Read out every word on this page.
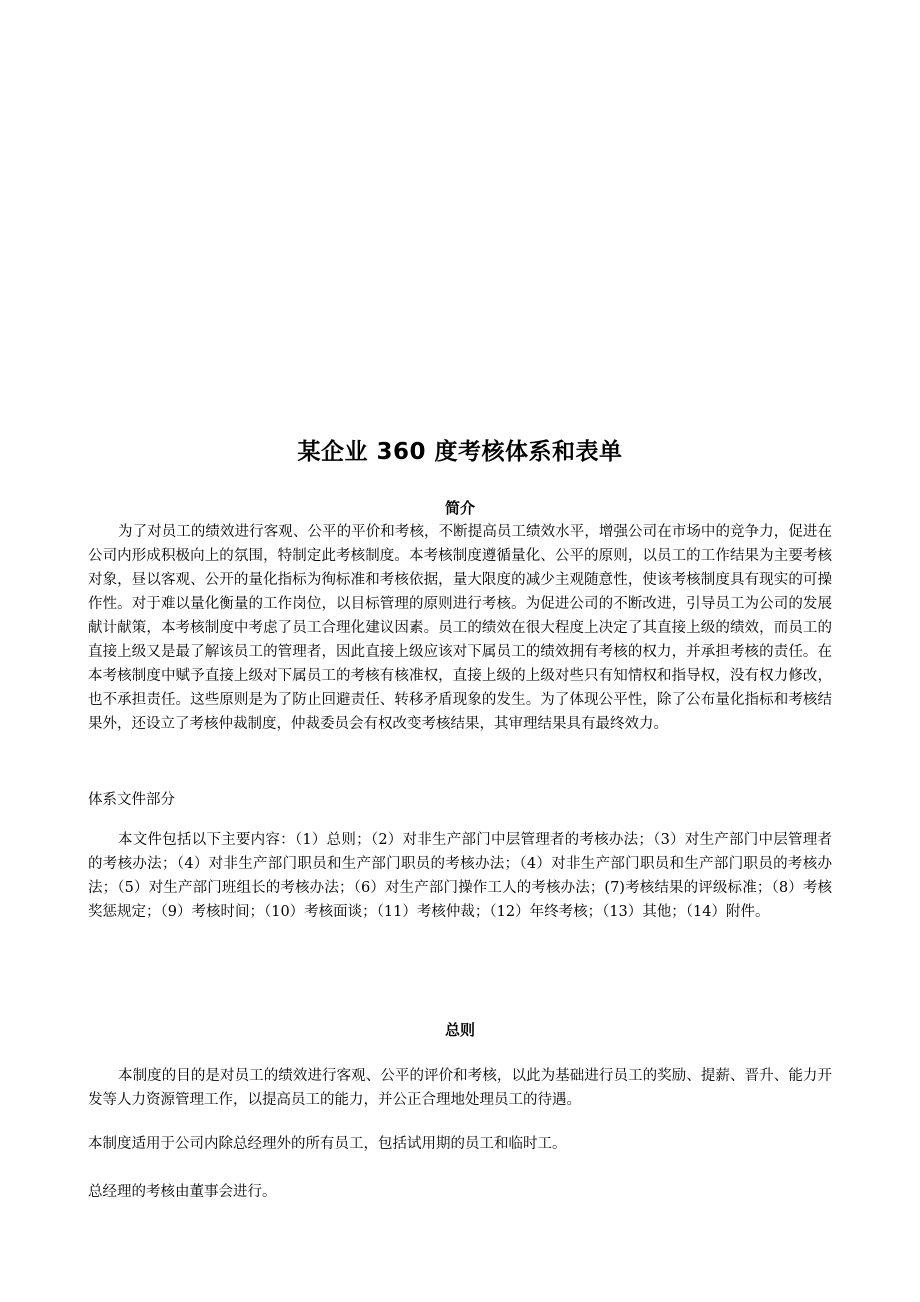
某企业 360 度考核体系和表单
简介

为了对员工的绩效进行客观、公平的平价和考核，不断提高员工绩效水平，增强公司在市场中的竞争力，促进在公司内形成积极向上的氛围，特制定此考核制度。本考核制度遵循量化、公平的原则，以员工的工作结果为主要考核对象，昼以客观、公开的量化指标为徇标准和考核依据，量大限度的减少主观随意性，使该考核制度具有现实的可操作性。对于难以量化衡量的工作岗位，以目标管理的原则进行考核。为促进公司的不断改进，引导员工为公司的发展献计献策，本考核制度中考虑了员工合理化建议因素。员工的绩效在很大程度上决定了其直接上级的绩效，而员工的直接上级又是最了解该员工的管理者，因此直接上级应该对下属员工的绩效拥有考核的权力，并承担考核的责任。在本考核制度中赋予直接上级对下属员工的考核有核准权，直接上级的上级对些只有知情权和指导权，没有权力修改，也不承担责任。这些原则是为了防止回避责任、转移矛盾现象的发生。为了体现公平性，除了公布量化指标和考核结果外，还设立了考核仲裁制度，仲裁委员会有权改变考核结果，其审理结果具有最终效力。

体系文件部分

本文件包括以下主要内容：（1）总则；（2）对非生产部门中层管理者的考核办法；（3）对生产部门中层管理者的考核办法；（4）对非生产部门职员和生产部门职员的考核办法；（4）对非生产部门职员和生产部门职员的考核办法；（5）对生产部门班组长的考核办法；（6）对生产部门操作工人的考核办法；(7)考核结果的评级标准；（8）考核奖惩规定；（9）考核时间；（10）考核面谈；（11）考核仲裁；（12）年终考核；（13）其他；（14）附件。

总则

本制度的目的是对员工的绩效进行客观、公平的评价和考核，以此为基础进行员工的奖励、提薪、晋升、能力开发等人力资源管理工作，以提高员工的能力，并公正合理地处理员工的待遇。

本制度适用于公司内除总经理外的所有员工，包括试用期的员工和临时工。

总经理的考核由董事会进行。
